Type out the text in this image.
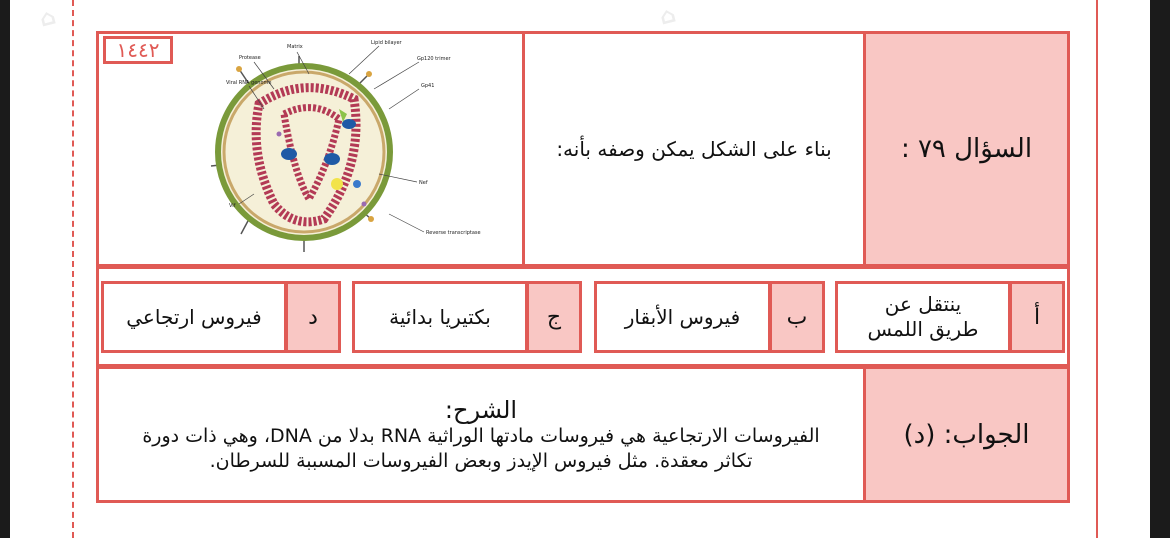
⌂	⌂
السؤال ٧٩ :
بناء على الشكل يمكن وصفه بأنه:
١٤٤٢	Protease
Matrix
Lipid bilayer
Gp120 trimer
Gp41
Viral RNA genome
Nef
Vif
Reverse transcriptase
أ
ينتقل عن طريق اللمس
ب
فيروس الأبقار
ج
بكتيريا بدائية
د
فيروس ارتجاعي
الجواب: (د)
الشرح:
الفيروسات الارتجاعية هي فيروسات مادتها الوراثية RNA بدلا من DNA، وهي ذات دورة تكاثر معقدة. مثل فيروس الإيدز وبعض الفيروسات المسببة للسرطان.
